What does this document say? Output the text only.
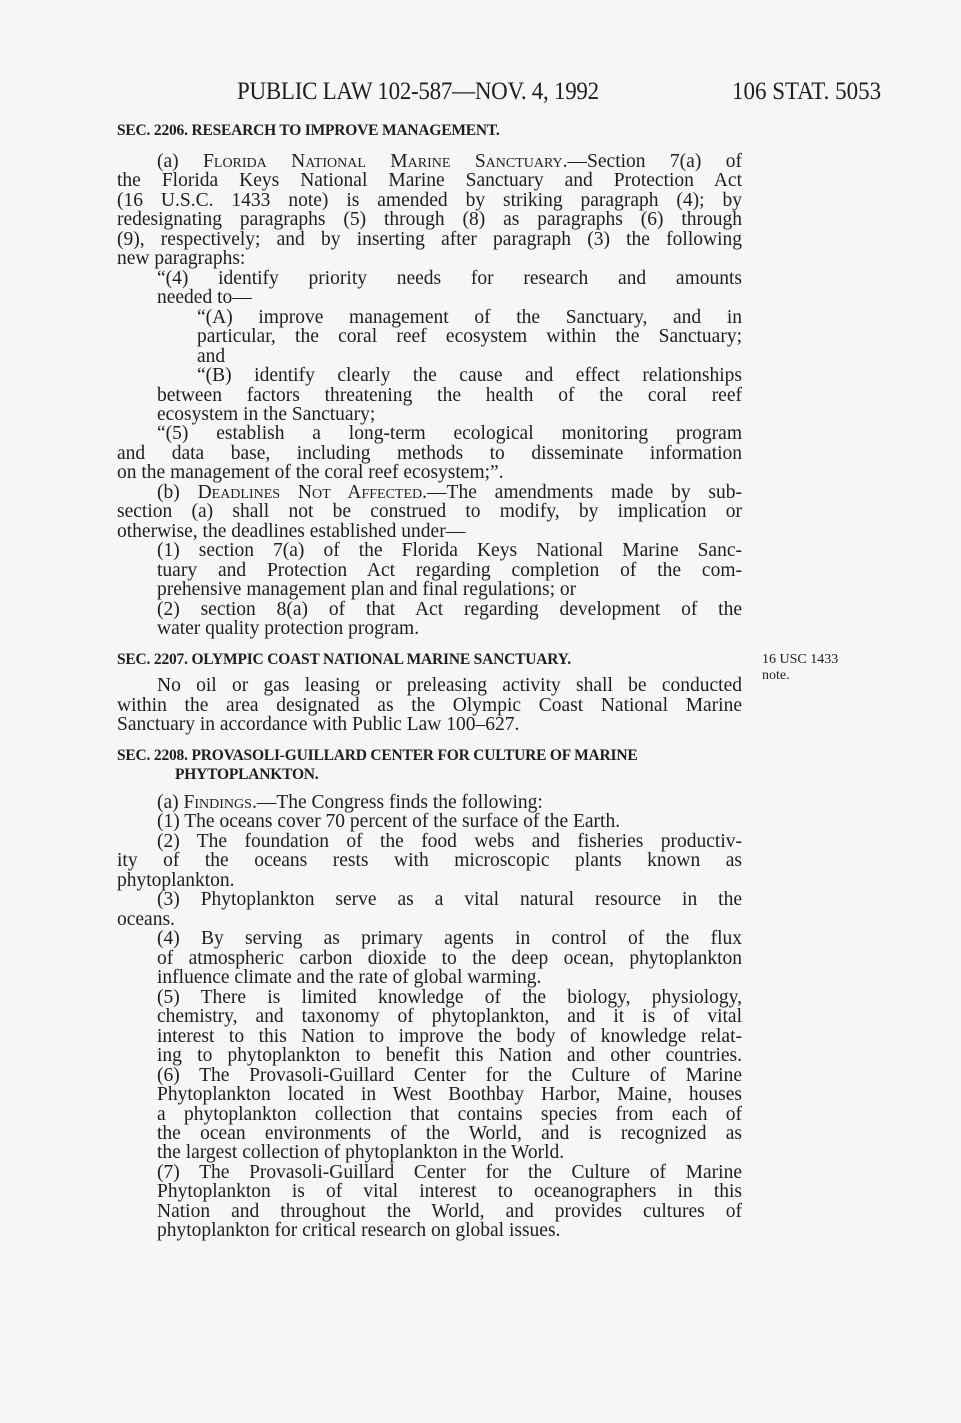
PUBLIC LAW 102-587—NOV. 4, 1992	106 STAT. 5053
SEC. 2206. RESEARCH TO IMPROVE MANAGEMENT.
(a) Florida National Marine Sanctuary.—Section 7(a) of
the Florida Keys National Marine Sanctuary and Protection Act
(16 U.S.C. 1433 note) is amended by striking paragraph (4); by
redesignating paragraphs (5) through (8) as paragraphs (6) through
(9), respectively; and by inserting after paragraph (3) the following
new paragraphs:
“(4) identify priority needs for research and amounts
needed to—
“(A) improve management of the Sanctuary, and in
particular, the coral reef ecosystem within the Sanctuary;
and
“(B) identify clearly the cause and effect relationships
between factors threatening the health of the coral reef
ecosystem in the Sanctuary;
“(5) establish a long-term ecological monitoring program
and data base, including methods to disseminate information
on the management of the coral reef ecosystem;”.
(b) Deadlines Not Affected.—The amendments made by sub-
section (a) shall not be construed to modify, by implication or
otherwise, the deadlines established under—
(1) section 7(a) of the Florida Keys National Marine Sanc-
tuary and Protection Act regarding completion of the com-
prehensive management plan and final regulations; or
(2) section 8(a) of that Act regarding development of the
water quality protection program.
SEC. 2207. OLYMPIC COAST NATIONAL MARINE SANCTUARY.	16 USC 1433
note.
No oil or gas leasing or preleasing activity shall be conducted
within the area designated as the Olympic Coast National Marine
Sanctuary in accordance with Public Law 100–627.
SEC. 2208. PROVASOLI-GUILLARD CENTER FOR CULTURE OF MARINE
PHYTOPLANKTON.
(a) Findings.—The Congress finds the following:
(1) The oceans cover 70 percent of the surface of the Earth.
(2) The foundation of the food webs and fisheries productiv-
ity of the oceans rests with microscopic plants known as
phytoplankton.
(3) Phytoplankton serve as a vital natural resource in the
oceans.
(4) By serving as primary agents in control of the flux
of atmospheric carbon dioxide to the deep ocean, phytoplankton
influence climate and the rate of global warming.
(5) There is limited knowledge of the biology, physiology,
chemistry, and taxonomy of phytoplankton, and it is of vital
interest to this Nation to improve the body of knowledge relat-
ing to phytoplankton to benefit this Nation and other countries.
(6) The Provasoli-Guillard Center for the Culture of Marine
Phytoplankton located in West Boothbay Harbor, Maine, houses
a phytoplankton collection that contains species from each of
the ocean environments of the World, and is recognized as
the largest collection of phytoplankton in the World.
(7) The Provasoli-Guillard Center for the Culture of Marine
Phytoplankton is of vital interest to oceanographers in this
Nation and throughout the World, and provides cultures of
phytoplankton for critical research on global issues.
